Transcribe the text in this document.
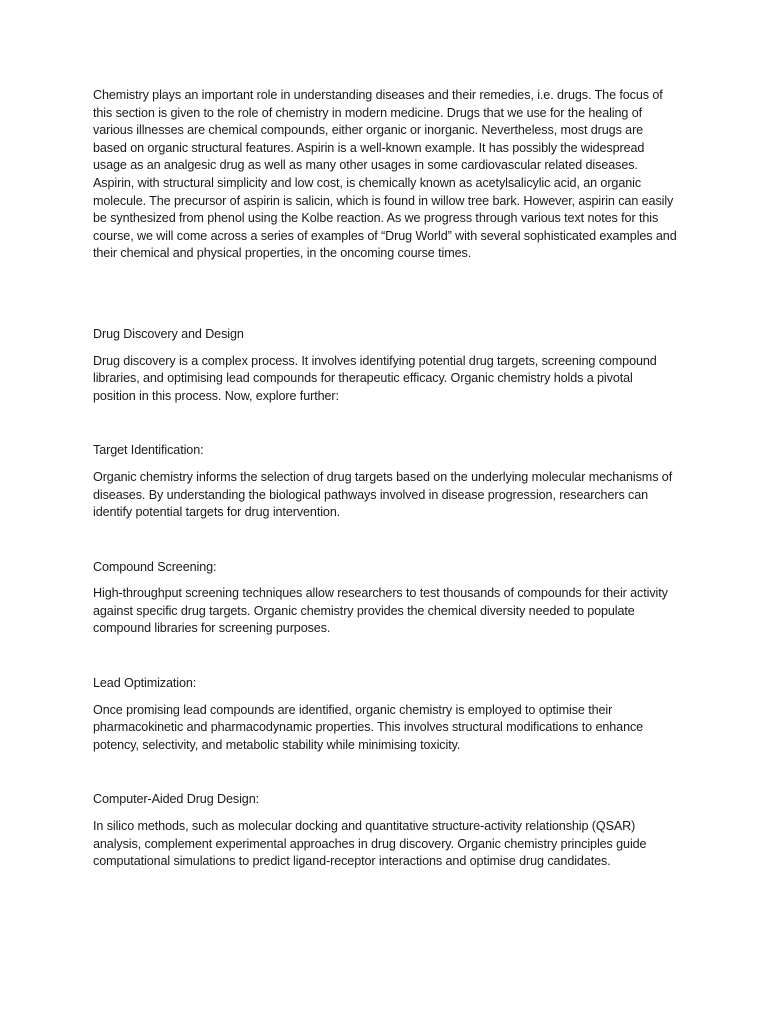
Chemistry plays an important role in understanding diseases and their remedies, i.e. drugs. The focus of this section is given to the role of chemistry in modern medicine. Drugs that we use for the healing of various illnesses are chemical compounds, either organic or inorganic. Nevertheless, most drugs are based on organic structural features. Aspirin is a well-known example. It has possibly the widespread usage as an analgesic drug as well as many other usages in some cardiovascular related diseases. Aspirin, with structural simplicity and low cost, is chemically known as acetylsalicylic acid, an organic molecule. The precursor of aspirin is salicin, which is found in willow tree bark. However, aspirin can easily be synthesized from phenol using the Kolbe reaction. As we progress through various text notes for this course, we will come across a series of examples of “Drug World” with several sophisticated examples and their chemical and physical properties, in the oncoming course times.

Drug Discovery and Design

Drug discovery is a complex process. It involves identifying potential drug targets, screening compound libraries, and optimising lead compounds for therapeutic efficacy. Organic chemistry holds a pivotal position in this process. Now, explore further:

Target Identification:

Organic chemistry informs the selection of drug targets based on the underlying molecular mechanisms of diseases. By understanding the biological pathways involved in disease progression, researchers can identify potential targets for drug intervention.

Compound Screening:

High-throughput screening techniques allow researchers to test thousands of compounds for their activity against specific drug targets. Organic chemistry provides the chemical diversity needed to populate compound libraries for screening purposes.

Lead Optimization:

Once promising lead compounds are identified, organic chemistry is employed to optimise their pharmacokinetic and pharmacodynamic properties. This involves structural modifications to enhance potency, selectivity, and metabolic stability while minimising toxicity.

Computer-Aided Drug Design:

In silico methods, such as molecular docking and quantitative structure-activity relationship (QSAR) analysis, complement experimental approaches in drug discovery. Organic chemistry principles guide computational simulations to predict ligand-receptor interactions and optimise drug candidates.
